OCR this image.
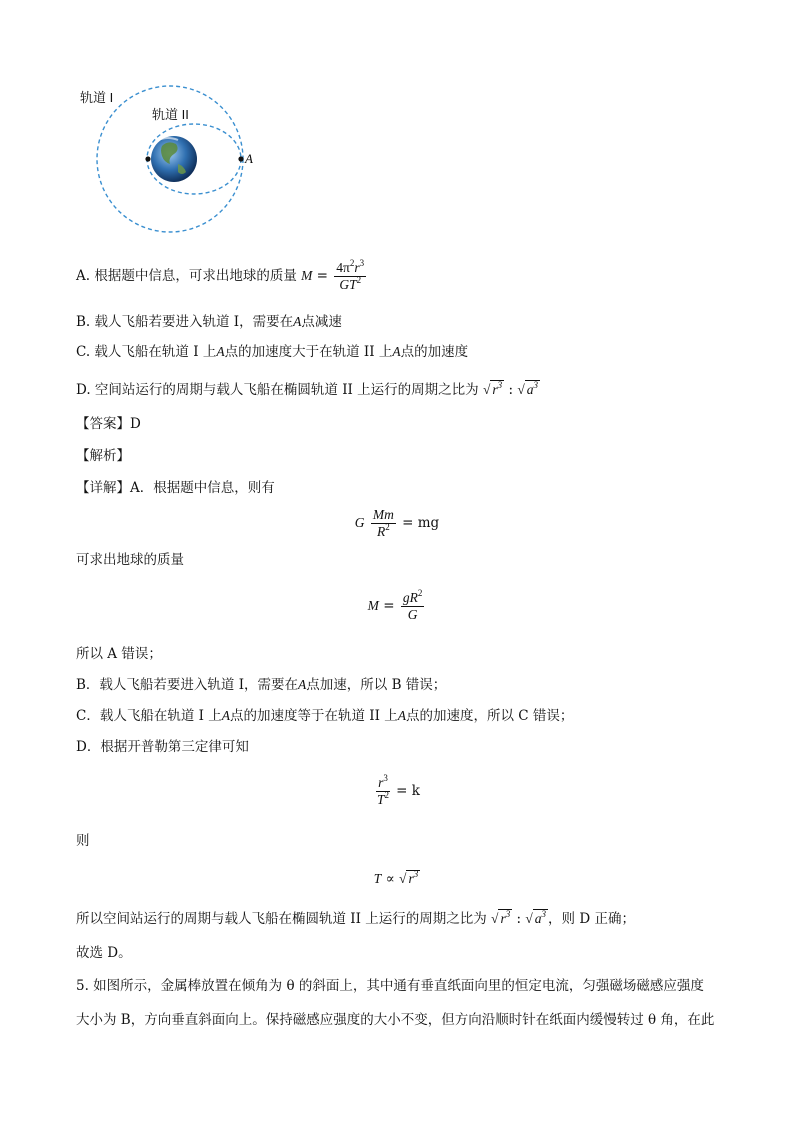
轨道 I
轨道 II
A
A. 根据题中信息，可求出地球的质量 $M = \frac{4\pi^2r^3}{GT^2}$
B. 载人飞船若要进入轨道 I，需要在A点减速
C. 载人飞船在轨道 I 上A点的加速度大于在轨道 II 上A点的加速度
D. 空间站运行的周期与载人飞船在椭圆轨道 II 上运行的周期之比为 √ $r^3$ : √ $a^3$
【答案】D
【解析】
【详解】A．根据题中信息，则有
G $\frac{Mm}{R^2}$ = mg
可求出地球的质量
$M = \frac{gR^2}{G}$
所以 A 错误；
B．载人飞船若要进入轨道 I，需要在A点加速，所以 B 错误；
C．载人飞船在轨道 I 上A点的加速度等于在轨道 II 上A点的加速度，所以 C 错误；
D．根据开普勒第三定律可知
$\frac{r^3}{T^2} = k$
则
T ∝ √ $r^3$
所以空间站运行的周期与载人飞船在椭圆轨道 II 上运行的周期之比为 √ $r^3$ : √ $a^3$ ，则 D 正确；
故选 D。
5. 如图所示，金属棒放置在倾角为 θ 的斜面上，其中通有垂直纸面向里的恒定电流，匀强磁场磁感应强度
大小为 B，方向垂直斜面向上。保持磁感应强度的大小不变，但方向沿顺时针在纸面内缓慢转过 θ 角，在此
